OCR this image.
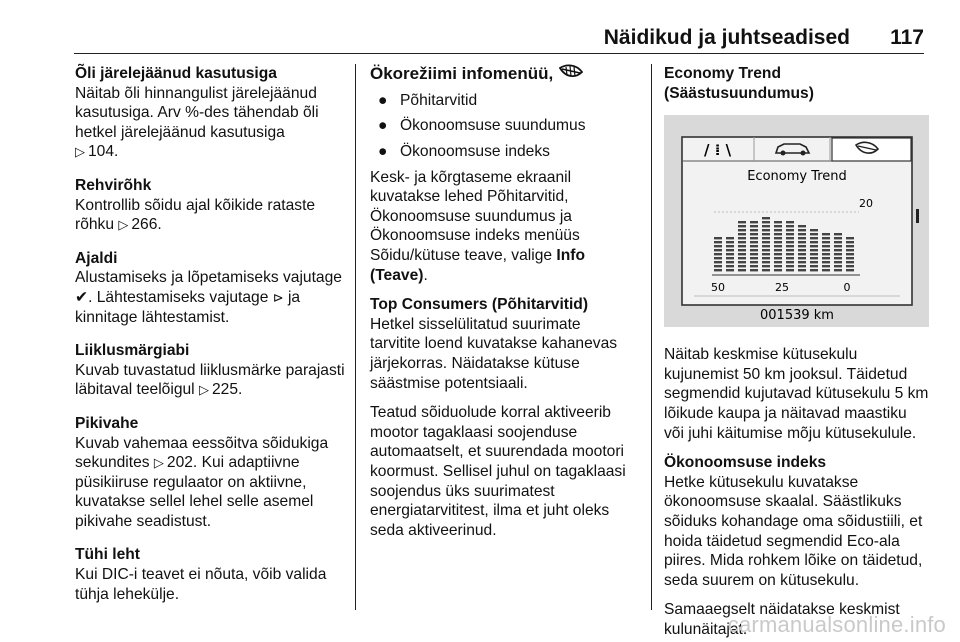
Näidikud ja juhtseadised 117

Õli järelejäänud kasutusiga

Näitab õli hinnangulist järelejäänud kasutusiga. Arv %-des tähendab õli hetkel järelejäänud kasutusiga
▷ 104.

Rehvirõhk

Kontrollib sõidu ajal kõikide rataste rõhku ▷ 266.

Ajaldi

Alustamiseks ja lõpetamiseks vajutage ✔. Lähtestamiseks vajutage ⊳ ja kinnitage lähtestamist.

Liiklusmärgiabi

Kuvab tuvastatud liiklusmärke parajasti läbitaval teelõigul ▷ 225.

Pikivahe

Kuvab vahemaa eessõitva sõidukiga sekundites ▷ 202. Kui adaptiivne püsikiiruse regulaator on aktiivne, kuvatakse sellel lehel selle asemel pikivahe seadistust.

Tühi leht

Kui DIC-i teavet ei nõuta, võib valida tühja lehekülje.

Ökorežiimi infomenüü,

● Põhitarvitid
● Ökonoomsuse suundumus
● Ökonoomsuse indeks

Kesk- ja kõrgtaseme ekraanil kuvatakse lehed Põhitarvitid, Ökonoomsuse suundumus ja Ökonoomsuse indeks menüüs Sõidu/kütuse teave, valige Info (Teave).

Top Consumers (Põhitarvitid)

Hetkel sisselülitatud suurimate tarvitite loend kuvatakse kahanevas järjekorras. Näidatakse kütuse säästmise potentsiaali.

Teatud sõiduolude korral aktiveerib mootor tagaklaasi soojenduse automaatselt, et suurendada mootori koormust. Sellisel juhul on tagaklaasi soojendus üks suurimatest energiatarvititest, ilma et juht oleks seda aktiveerinud.

Economy Trend (Säästusuundumus)

/ ⁞ \
Economy Trend
20
50	25	0
001539 km

Näitab keskmise kütusekulu kujunemist 50 km jooksul. Täidetud segmendid kujutavad kütusekulu 5 km lõikude kaupa ja näitavad maastiku või juhi käitumise mõju kütusekulule.

Ökonoomsuse indeks

Hetke kütusekulu kuvatakse ökonoomsuse skaalal. Säästlikuks sõiduks kohandage oma sõidustiili, et hoida täidetud segmendid Eco-ala piires. Mida rohkem lõike on täidetud, seda suurem on kütusekulu.

Samaaegselt näidatakse keskmist kulunäitajat.

carmanualsonline.info
